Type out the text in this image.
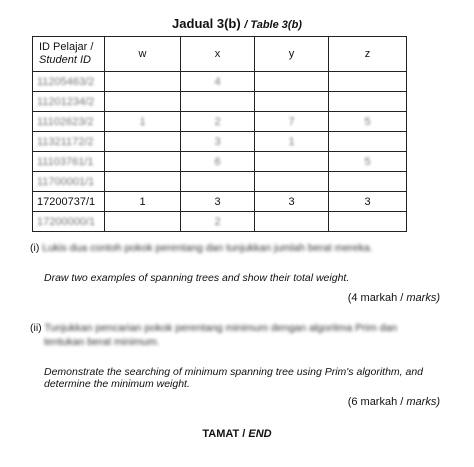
Jadual 3(b) / Table 3(b)
ID Pelajar /
Student ID	w	x	y	z
11205463/2		4		
11201234/2				
11102623/2	1	2	7	5
11321172/2		3	1	
11103761/1		6		5
11700001/1				
17200737/1	1	3	3	3
17200000/1		2		
(i) Lukis dua contoh pokok perentang dan tunjukkan jumlah berat mereka.
Draw two examples of spanning trees and show their total weight.
(4 markah / marks)
(ii) Tunjukkan pencarian pokok perentang minimum dengan algoritma Prim dan
tentukan berat minimum.
Demonstrate the searching of minimum spanning tree using Prim's algorithm, and
determine the minimum weight.
(6 markah / marks)
TAMAT / END
